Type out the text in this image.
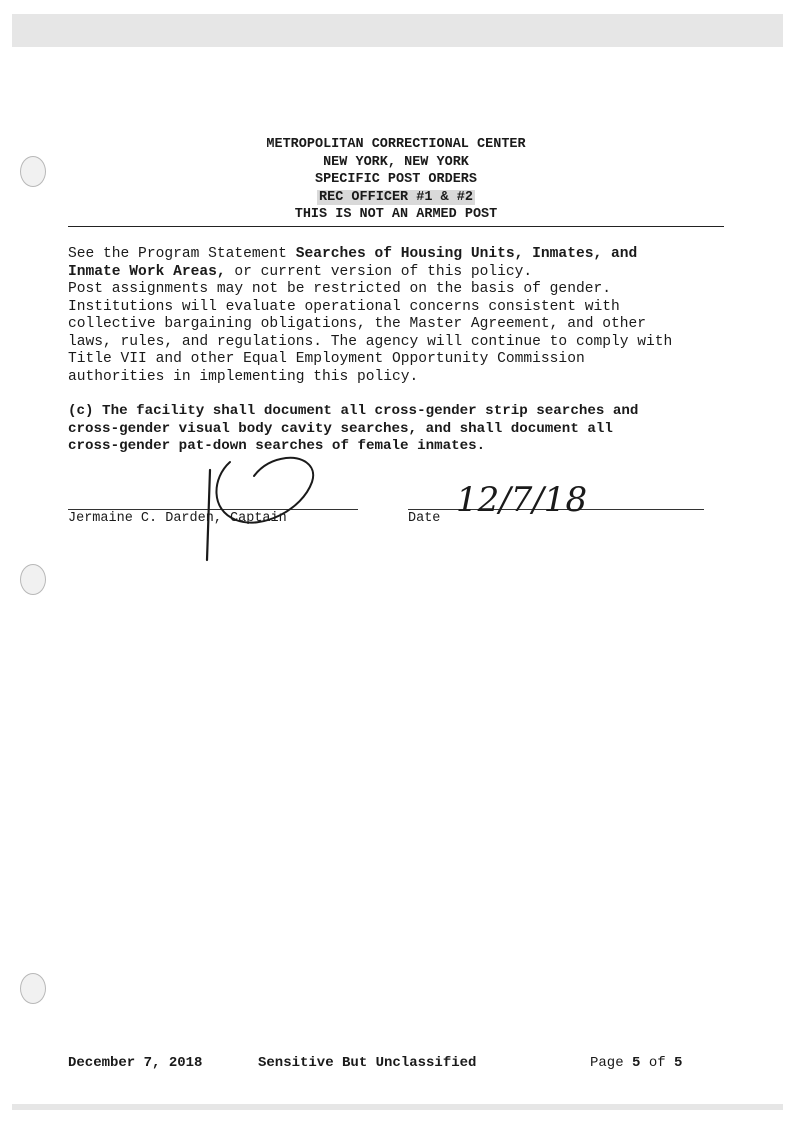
METROPOLITAN CORRECTIONAL CENTER
NEW YORK, NEW YORK
SPECIFIC POST ORDERS
REC OFFICER #1 & #2
THIS IS NOT AN ARMED POST
See the Program Statement Searches of Housing Units, Inmates, and
Inmate Work Areas, or current version of this policy.
Post assignments may not be restricted on the basis of gender.
Institutions will evaluate operational concerns consistent with
collective bargaining obligations, the Master Agreement, and other
laws, rules, and regulations. The agency will continue to comply with
Title VII and other Equal Employment Opportunity Commission
authorities in implementing this policy.
(c) The facility shall document all cross-gender strip searches and
cross-gender visual body cavity searches, and shall document all
cross-gender pat-down searches of female inmates.
Jermaine C. Darden, Captain	Date 12/7/18
December 7, 2018	Sensitive But Unclassified	Page 5 of 5
